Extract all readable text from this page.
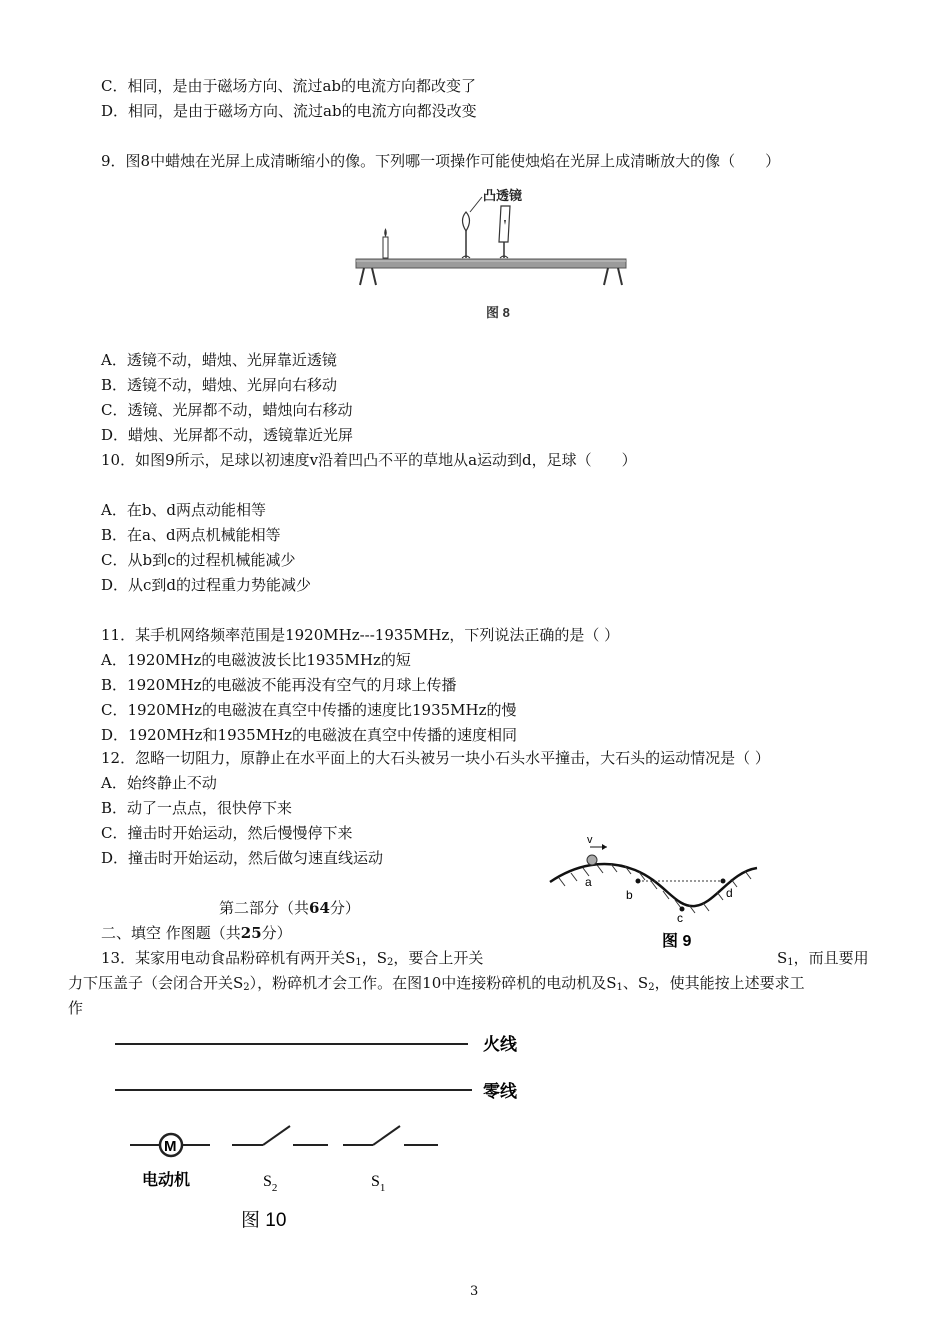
C．相同，是由于磁场方向、流过ab的电流方向都改变了
D．相同，是由于磁场方向、流过ab的电流方向都没改变
9．图8中蜡烛在光屏上成清晰缩小的像。下列哪一项操作可能使烛焰在光屏上成清晰放大的像（　　）
凸透镜
图 8
A．透镜不动，蜡烛、光屏靠近透镜
B．透镜不动，蜡烛、光屏向右移动
C．透镜、光屏都不动，蜡烛向右移动
D．蜡烛、光屏都不动，透镜靠近光屏
10．如图9所示，足球以初速度v沿着凹凸不平的草地从a运动到d，足球（　　）
A．在b、d两点动能相等
B．在a、d两点机械能相等
C．从b到c的过程机械能减少
D．从c到d的过程重力势能减少
11．某手机网络频率范围是1920MHz---1935MHz，下列说法正确的是（ ）
A．1920MHz的电磁波波长比1935MHz的短
B．1920MHz的电磁波不能再没有空气的月球上传播
C．1920MHz的电磁波在真空中传播的速度比1935MHz的慢
D．1920MHz和1935MHz的电磁波在真空中传播的速度相同
12．忽略一切阻力，原静止在水平面上的大石头被另一块小石头水平撞击，大石头的运动情况是（ ）
A．始终静止不动
B．动了一点点，很快停下来
C．撞击时开始运动，然后慢慢停下来
D．撞击时开始运动，然后做匀速直线运动
v
a
b
c
d
图 9
第二部分（共64分）
二、填空 作图题（共25分）
13．某家用电动食品粉碎机有两开关$S_1$，$S_2$，要合上开关	$S_1$，而且要用
力下压盖子（会闭合开关$S_2$），粉碎机才会工作。在图10中连接粉碎机的电动机及$S_1$、$S_2$，使其能按上述要求工
作
火线
零线
M
电动机	$S_2$	$S_1$
图 10
3
